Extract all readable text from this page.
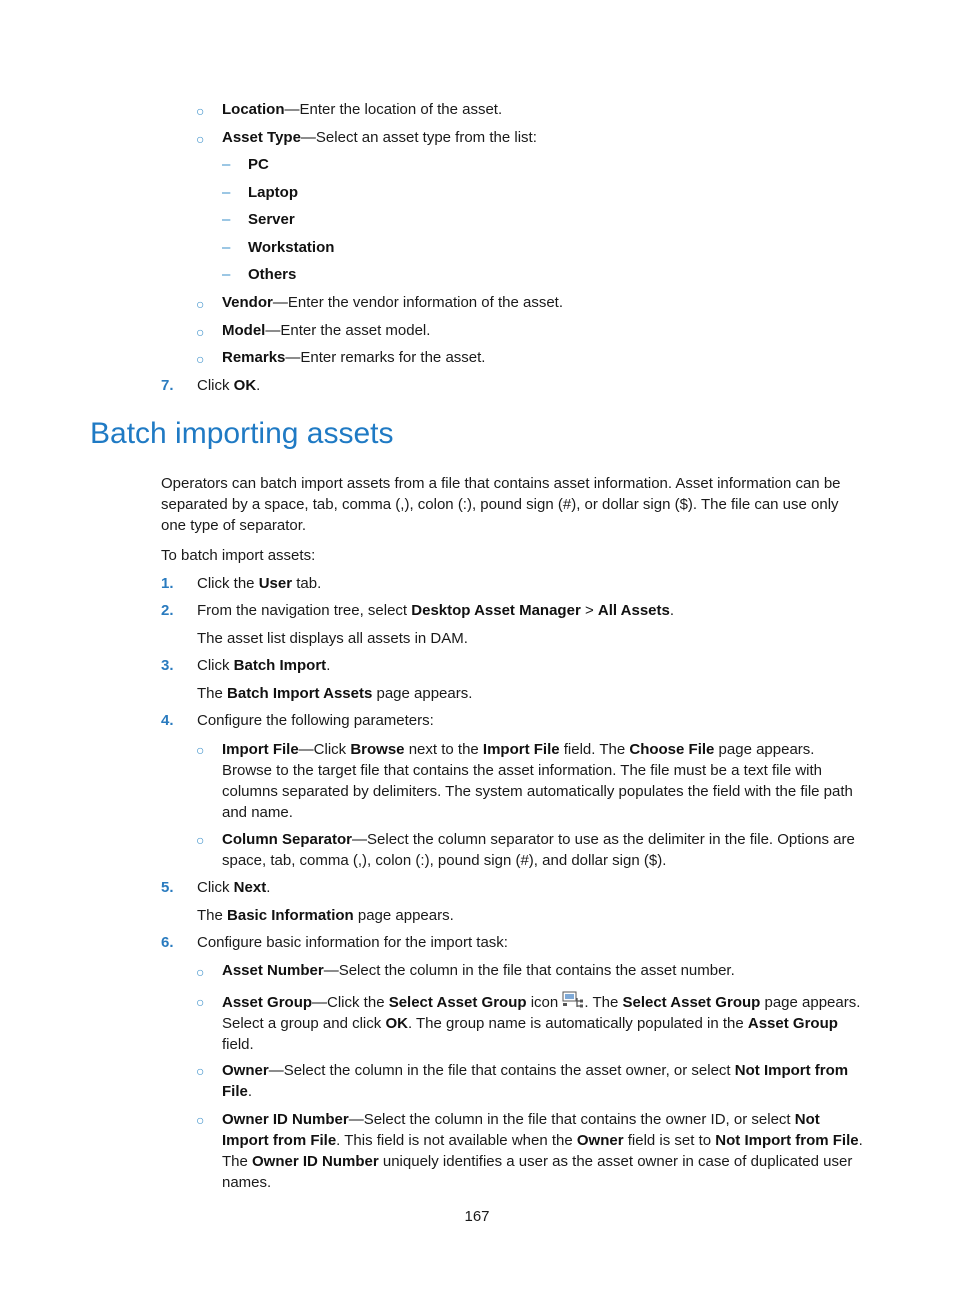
○ Location—Enter the location of the asset.
○ Asset Type—Select an asset type from the list:
– PC
– Laptop
– Server
– Workstation
– Others
○ Vendor—Enter the vendor information of the asset.
○ Model—Enter the asset model.
○ Remarks—Enter remarks for the asset.
7. Click OK.
Batch importing assets
Operators can batch import assets from a file that contains asset information. Asset information can be separated by a space, tab, comma (,), colon (:), pound sign (#), or dollar sign ($). The file can use only one type of separator.
To batch import assets:
1. Click the User tab.
2. From the navigation tree, select Desktop Asset Manager > All Assets.
The asset list displays all assets in DAM.
3. Click Batch Import.
The Batch Import Assets page appears.
4. Configure the following parameters:
○ Import File—Click Browse next to the Import File field. The Choose File page appears. Browse to the target file that contains the asset information. The file must be a text file with columns separated by delimiters. The system automatically populates the field with the file path and name.
○ Column Separator—Select the column separator to use as the delimiter in the file. Options are space, tab, comma (,), colon (:), pound sign (#), and dollar sign ($).
5. Click Next.
The Basic Information page appears.
6. Configure basic information for the import task:
○ Asset Number—Select the column in the file that contains the asset number.
○ Asset Group—Click the Select Asset Group icon . The Select Asset Group page appears. Select a group and click OK. The group name is automatically populated in the Asset Group field.
○ Owner—Select the column in the file that contains the asset owner, or select Not Import from File.
○ Owner ID Number—Select the column in the file that contains the owner ID, or select Not Import from File. This field is not available when the Owner field is set to Not Import from File. The Owner ID Number uniquely identifies a user as the asset owner in case of duplicated user names.
167
